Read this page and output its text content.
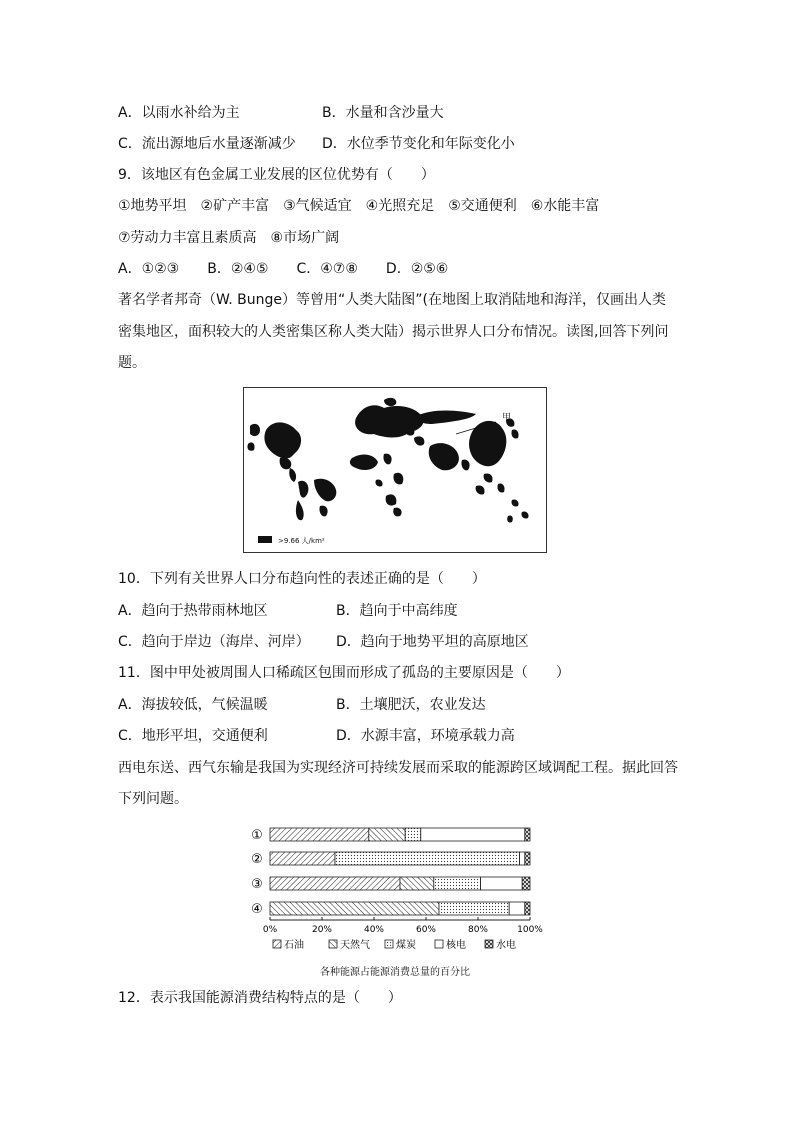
A．以雨水补给为主	B．水量和含沙量大
C．流出源地后水量逐渐减少 D．水位季节变化和年际变化小
9．该地区有色金属工业发展的区位优势有（　　）
①地势平坦　②矿产丰富　③气候适宜　④光照充足　⑤交通便利　⑥水能丰富
⑦劳动力丰富且素质高　⑧市场广阔
A．①②③　　B．②④⑤　　C．④⑦⑧　　D．②⑤⑥
著名学者邦奇（W. Bunge）等曾用“人类大陆图”(在地图上取消陆地和海洋，仅画出人类
密集地区，面积较大的人类密集区称人类大陆）揭示世界人口分布情况。读图,回答下列问
题。
甲
>9.66 人/km²
10．下列有关世界人口分布趋向性的表述正确的是（　　）
A．趋向于热带雨林地区	B．趋向于中高纬度
C．趋向于岸边（海岸、河岸） D．趋向于地势平坦的高原地区
11．图中甲处被周围人口稀疏区包围而形成了孤岛的主要原因是（　　）
A．海拔较低，气候温暖	B．土壤肥沃，农业发达
C．地形平坦，交通便利	D．水源丰富，环境承载力高
西电东送、西气东输是我国为实现经济可持续发展而采取的能源跨区域调配工程。据此回答
下列问题。
①
②
③
④
0%	20%	40%	60%	80%	100%
石油	天然气	煤炭	核电	水电
各种能源占能源消费总量的百分比
12．表示我国能源消费结构特点的是（　　）
